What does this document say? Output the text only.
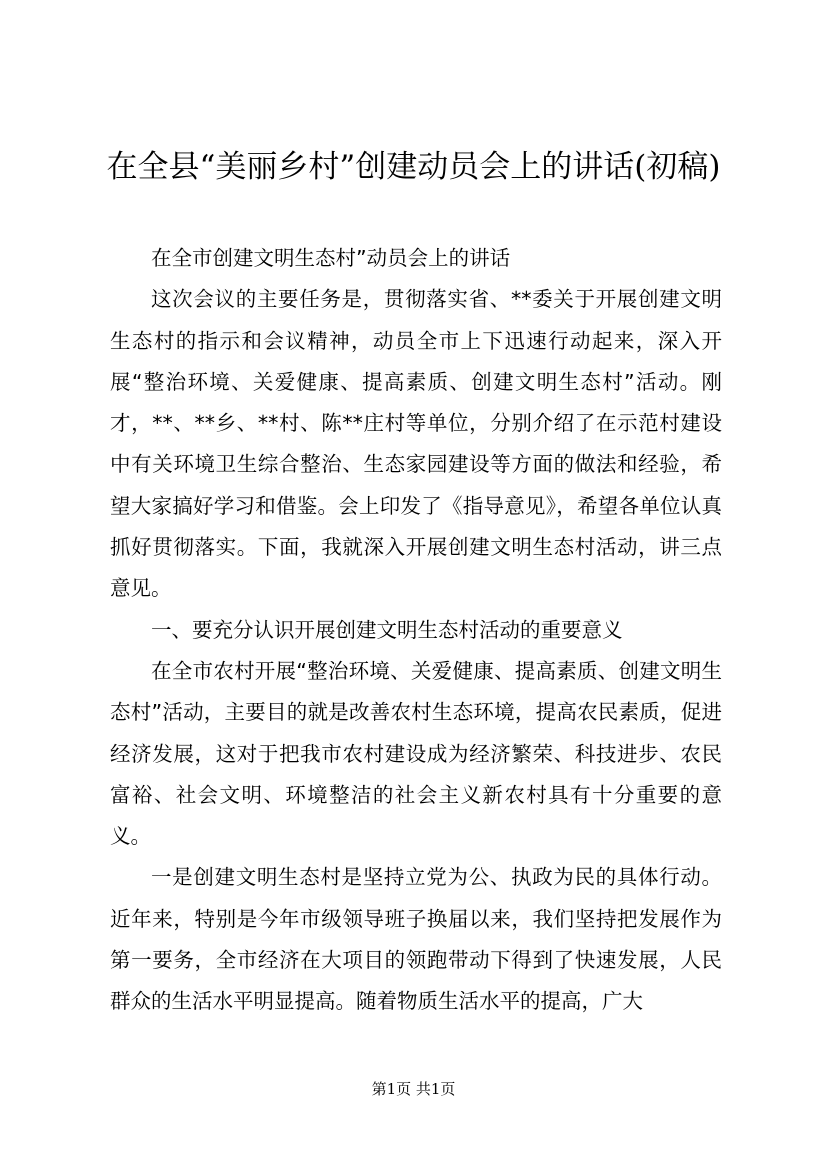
在全县“美丽乡村”创建动员会上的讲话(初稿)

在全市创建文明生态村”动员会上的讲话

这次会议的主要任务是，贯彻落实省、**委关于开展创建文明生态村的指示和会议精神，动员全市上下迅速行动起来，深入开展“整治环境、关爱健康、提高素质、创建文明生态村”活动。刚才，**、**乡、**村、陈**庄村等单位，分别介绍了在示范村建设中有关环境卫生综合整治、生态家园建设等方面的做法和经验，希望大家搞好学习和借鉴。会上印发了《指导意见》，希望各单位认真抓好贯彻落实。下面，我就深入开展创建文明生态村活动，讲三点意见。

一、要充分认识开展创建文明生态村活动的重要意义

在全市农村开展“整治环境、关爱健康、提高素质、创建文明生态村”活动，主要目的就是改善农村生态环境，提高农民素质，促进经济发展，这对于把我市农村建设成为经济繁荣、科技进步、农民富裕、社会文明、环境整洁的社会主义新农村具有十分重要的意义。

一是创建文明生态村是坚持立党为公、执政为民的具体行动。近年来，特别是今年市级领导班子换届以来，我们坚持把发展作为第一要务，全市经济在大项目的领跑带动下得到了快速发展，人民群众的生活水平明显提高。随着物质生活水平的提高，广大

第1页 共1页
